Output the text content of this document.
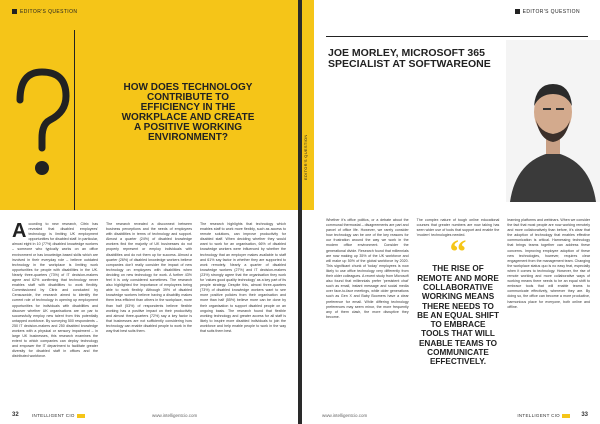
EDITOR'S QUESTION
HOW DOES TECHNOLOGY CONTRIBUTE TO EFFICIENCY IN THE WORKPLACE AND CREATE A POSITIVE WORKING ENVIRONMENT?
According to new research, Citrix has revealed that disabled employees' technology is limiting UK employment opportunities for disabled staff. In particular, almost eight in 10 (77%) disabled knowledge workers – someone who typically works on an office environment or has knowledge-based skills which are involved in their everyday role – believe outdated technology in the workplace is limiting work opportunities for people with disabilities in the UK. Nearly three-quarters (73%) of IT decision-makers agree and 62% confirming that technology never enables staff with disabilities to work flexibly. Commissioned by Citrix and conducted by Censuswide, the research aimed to identify the current role of technology in opening up employment opportunities for individuals with disabilities and discover whether UK organisations are on par to successfully employ new talent from this potentially untapped workforce. By surveying 500 respondents – 250 IT decision-makers and 250 disabled knowledge workers with a physical or sensory impairment – in large UK businesses, this research examines the extent to which companies can deploy technology and empower the IT department to facilitate greater diversity for disabled staff in offices and the distributed workforce.
The research revealed a disconnect between business perceptions and the needs of employees with disabilities in terms of technology and support. Almost a quarter (24%) of disabled knowledge workers find the majority of UK businesses do not properly represent or employ individuals with disabilities and do not them up for success. Almost a quarter (26%) of disabled knowledge workers believe companies don't really consider the impact of new technology on employees with disabilities when deciding on new technology for work. A further 43% feel it is only considered sometimes. The research also highlighted the importance of employees being able to work flexibly. Although 39% of disabled knowledge workers believe having a disability makes them less efficient than others in the workplace, more than half (53%) of respondents believe flexible working has a positive impact on their productivity and almost three-quarters (72%) say a key factor is that businesses are not sufficiently considering how technology can enable disabled people to work in the way that best suits them.
The research highlights that technology which enables staff to work more flexibly, such as access to remote solutions, can improve productivity for disabled staff. When deciding whether they would want to work for an organisation, 66% of disabled knowledge workers were influenced by whether the technology that an employer makes available to staff and 61% say factor in whether they are supported to work remotely. Nearly a quarter of disabled knowledge workers (27%) and IT decision-makers (23%) strongly agree that the organisation they work for 'values good quality technology' as a key part of its people strategy. Despite this, almost three-quarters (73%) of disabled knowledge workers want to see more positive policies from their organisation and more than half (55%) believe more can be done by their organisation to support disabled people on an ongoing basis. The research found that flexible working technology and greater access for all staff is likely to inspire more disabled individuals to join the workforce and help enable people to work in the way that suits them best.
32	INTELLIGENT CIO	www.intelligentcio.com
EDITOR'S QUESTION
EDITOR'S QUESTION
JOE MORLEY, MICROSOFT 365 SPECIALIST AT SOFTWAREONE
Whether it's office politics, or a debate about the communal thermostat – disagreements are part and parcel of office life. However, we rarely consider how technology can be one of the key reasons for our frustration around the way we work in the modern office environment. Consider the generational divide. Research found that millennials are now making up 35% of the UK workforce and will make up 50% of the global workforce by 2020. This significant chunk of 'today' employees is now likely to use office technology very differently from their older colleagues. A recent study from Microsoft also found that millennials prefer 'persistent chat' such as email, instant message and social media over face-to-face meetings, while older generations such as Gen X and Baby Boomers have a clear preference for email. While differing technology preferences may seem minor, the more frequently any of them clash, the more disruptive they become.
The complex nature of tough online educational courses that greater numbers are now taking has seen wider use of tools that support and enable the 'modern' technologies needed.
“
THE RISE OF REMOTE AND MORE COLLABORATIVE WORKING MEANS THERE NEEDS TO BE AN EQUAL SHIFT TO EMBRACE TOOLS THAT WILL ENABLE TEAMS TO COMMUNICATE EFFECTIVELY.
learning platforms and webinars. When we consider the fact that most people are now working remotely and more collaboratively than before, it's clear that the adoption of technology that enables effective communication is critical. Harnessing technology that brings teams together can address these concerns. Improving employee adoption of these new technologies, however, requires clear engagement from the management team. Changing the workplace status quo is no easy feat, especially when it comes to technology. However, the rise of remote working and more collaborative ways of working means there needs to be an equal shift to embrace tools that will enable teams to communicate effectively, wherever they are. By doing so, the office can become a more productive, harmonious place for everyone, both online and offline.
www.intelligentcio.com	INTELLIGENT CIO	33
